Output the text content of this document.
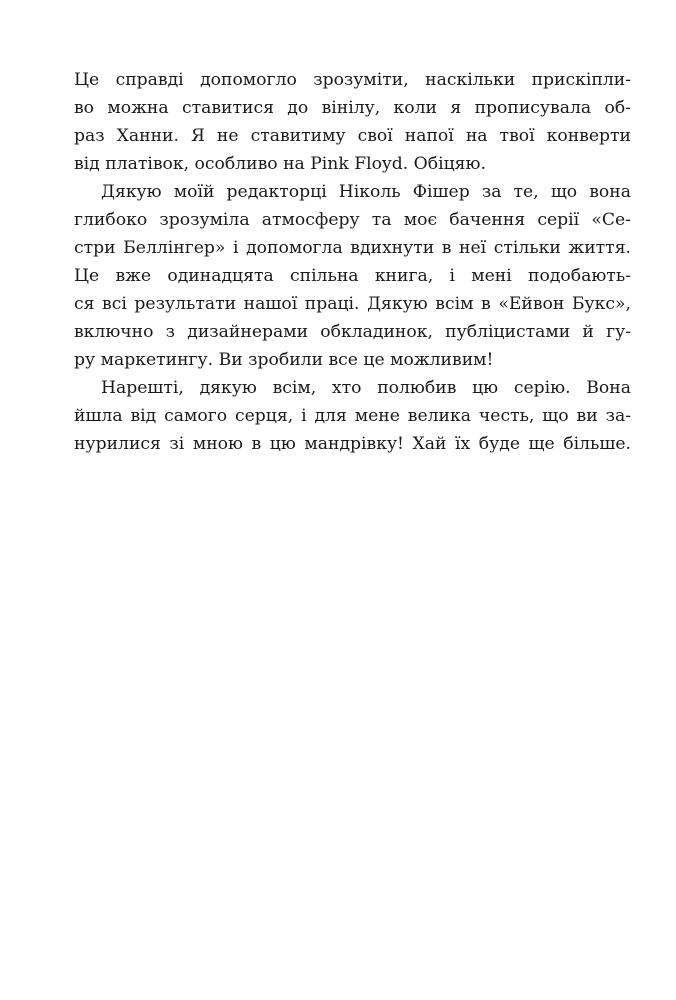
Це справді допомогло зрозуміти, наскільки прискіпли-
во можна ставитися до вінілу, коли я прописувала об-
раз Ханни. Я не ставитиму свої напої на твої конверти
від платівок, особливо на Pink Floyd. Обіцяю.

Дякую моїй редакторці Ніколь Фішер за те, що вона
глибоко зрозуміла атмосферу та моє бачення серії «Се-
стри Беллінгер» і допомогла вдихнути в неї стільки життя.
Це вже одинадцята спільна книга, і мені подобають-
ся всі результати нашої праці. Дякую всім в «Ейвон Букс»,
включно з дизайнерами обкладинок, публіцистами й гу-
ру маркетингу. Ви зробили все це можливим!

Нарешті, дякую всім, хто полюбив цю серію. Вона
йшла від самого серця, і для мене велика честь, що ви за-
нурилися зі мною в цю мандрівку! Хай їх буде ще більше.
